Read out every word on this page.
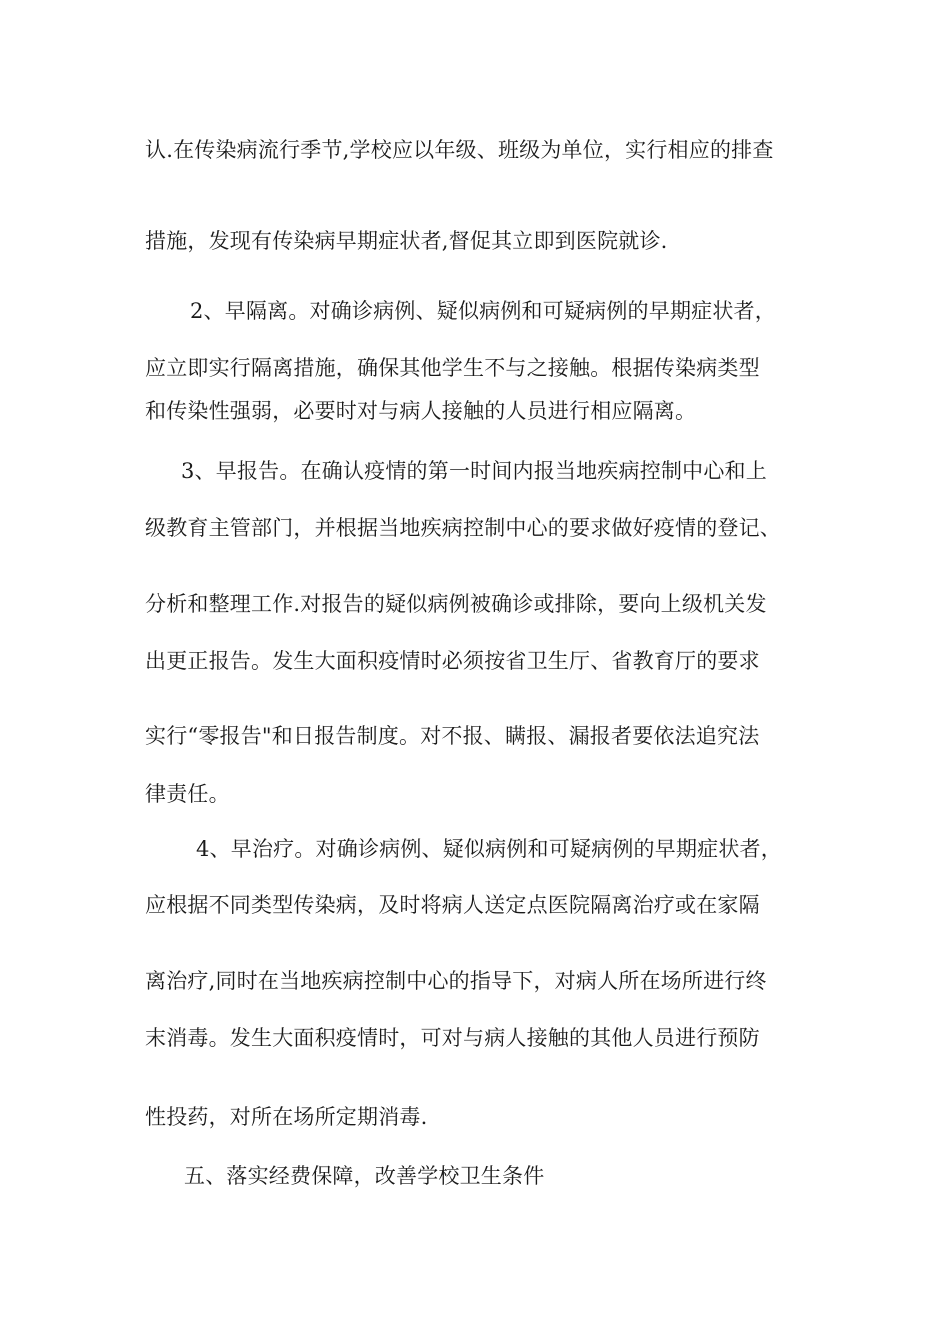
认.在传染病流行季节,学校应以年级、班级为单位，实行相应的排查
措施，发现有传染病早期症状者,督促其立即到医院就诊.
2、早隔离。对确诊病例、疑似病例和可疑病例的早期症状者，
应立即实行隔离措施，确保其他学生不与之接触。根据传染病类型
和传染性强弱，必要时对与病人接触的人员进行相应隔离。
3、早报告。在确认疫情的第一时间内报当地疾病控制中心和上
级教育主管部门，并根据当地疾病控制中心的要求做好疫情的登记、
分析和整理工作.对报告的疑似病例被确诊或排除，要向上级机关发
出更正报告。发生大面积疫情时必须按省卫生厅、省教育厅的要求
实行“零报告"和日报告制度。对不报、瞒报、漏报者要依法追究法
律责任。
4、早治疗。对确诊病例、疑似病例和可疑病例的早期症状者，
应根据不同类型传染病，及时将病人送定点医院隔离治疗或在家隔
离治疗,同时在当地疾病控制中心的指导下，对病人所在场所进行终
末消毒。发生大面积疫情时，可对与病人接触的其他人员进行预防
性投药，对所在场所定期消毒.
五、落实经费保障，改善学校卫生条件
